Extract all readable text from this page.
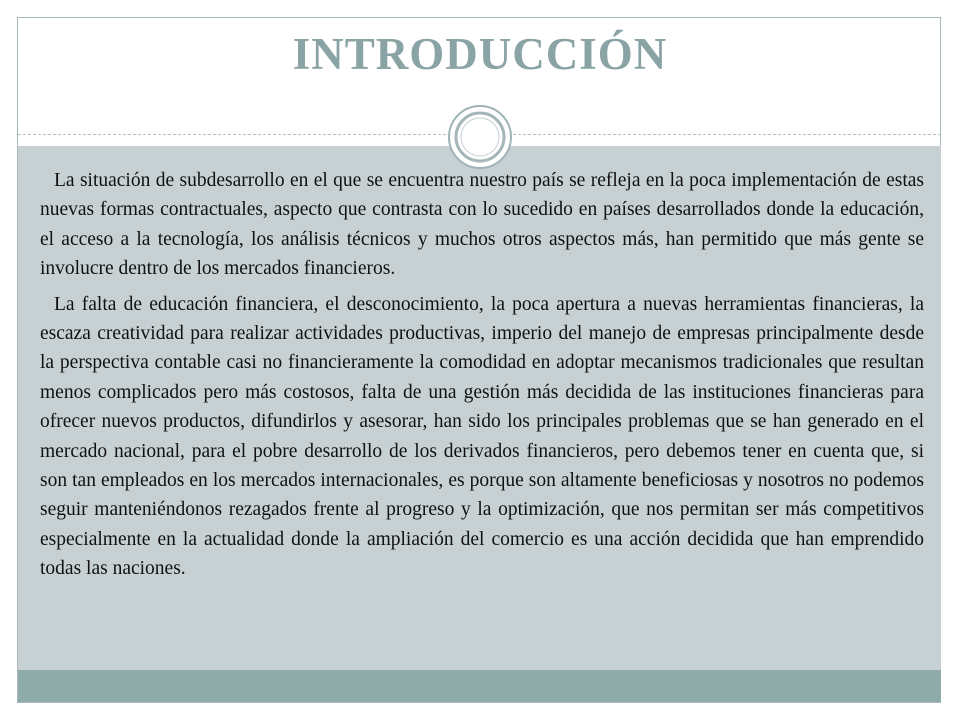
INTRODUCCIÓN

La situación de subdesarrollo en el que se encuentra nuestro país se refleja en la poca implementación de estas nuevas formas contractuales, aspecto que contrasta con lo sucedido en países desarrollados donde la educación, el acceso a la tecnología, los análisis técnicos y muchos otros aspectos más, han permitido que más gente se involucre dentro de los mercados financieros.

La falta de educación financiera, el desconocimiento, la poca apertura a nuevas herramientas financieras, la escaza creatividad para realizar actividades productivas, imperio del manejo de empresas principalmente desde la perspectiva contable casi no financieramente la comodidad en adoptar mecanismos tradicionales que resultan menos complicados pero más costosos, falta de una gestión más decidida de las instituciones financieras para ofrecer nuevos productos, difundirlos y asesorar, han sido los principales problemas que se han generado en el mercado nacional, para el pobre desarrollo de los derivados financieros, pero debemos tener en cuenta que, si son tan empleados en los mercados internacionales, es porque son altamente beneficiosas y nosotros no podemos seguir manteniéndonos rezagados frente al progreso y la optimización, que nos permitan ser más competitivos especialmente en la actualidad donde la ampliación del comercio es una acción decidida que han emprendido todas las naciones.
